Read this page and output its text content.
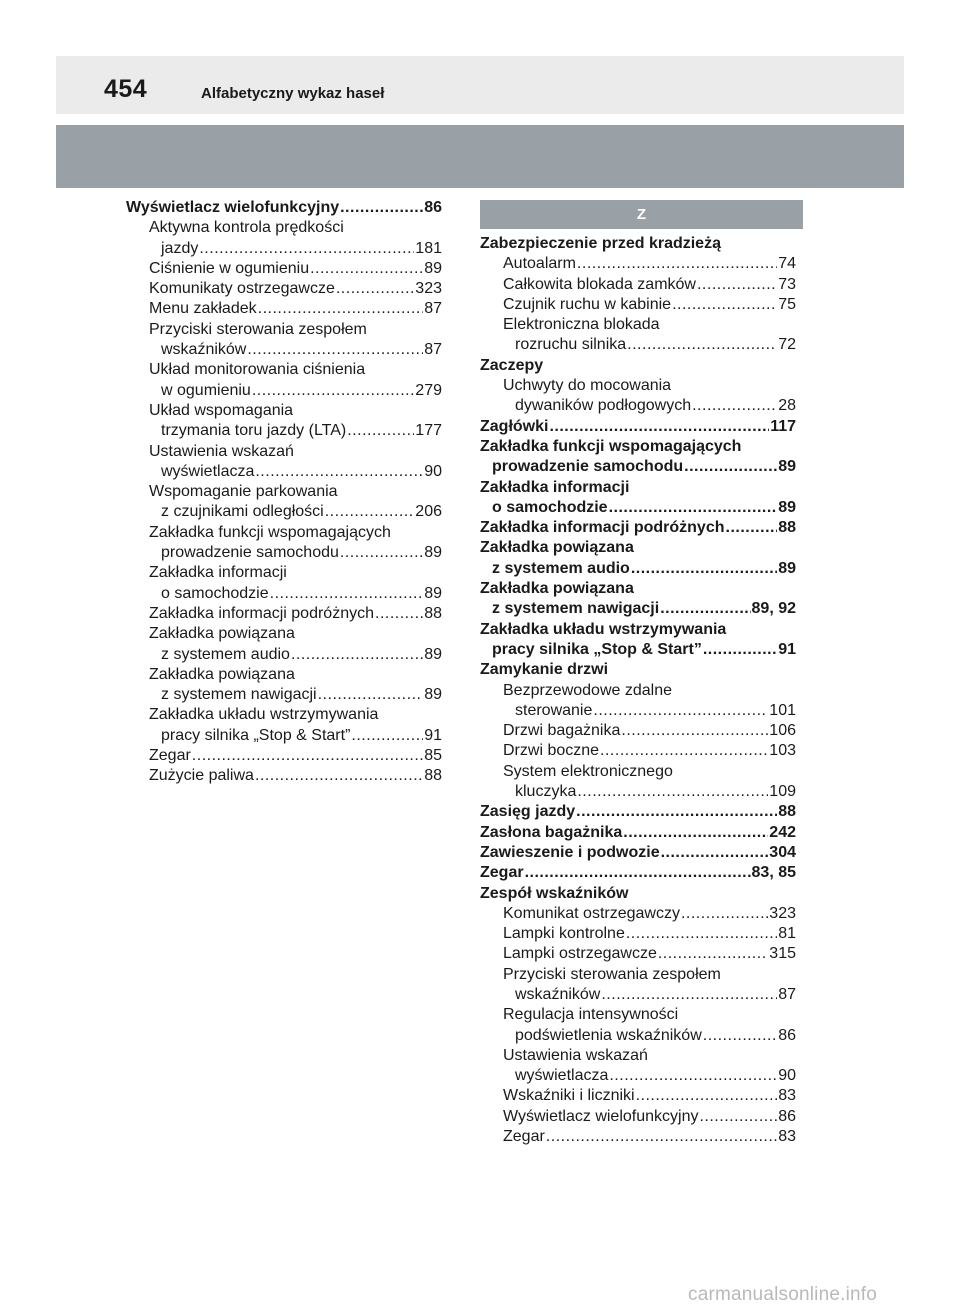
454	Alfabetyczny wykaz haseł
Wyświetlacz wielofunkcyjny .....	86
Aktywna kontrola prędkości
jazdy .....	181
Ciśnienie w ogumieniu .....	89
Komunikaty ostrzegawcze .....	323
Menu zakładek .....	87
Przyciski sterowania zespołem
wskaźników .....	87
Układ monitorowania ciśnienia
w ogumieniu .....	279
Układ wspomagania
trzymania toru jazdy (LTA) .....	177
Ustawienia wskazań
wyświetlacza .....	90
Wspomaganie parkowania
z czujnikami odległości .....	206
Zakładka funkcji wspomagających
prowadzenie samochodu .....	89
Zakładka informacji
o samochodzie .....	89
Zakładka informacji podróżnych .....	88
Zakładka powiązana
z systemem audio .....	89
Zakładka powiązana
z systemem nawigacji .....	89
Zakładka układu wstrzymywania
pracy silnika „Stop & Start” .....	91
Zegar .....	85
Zużycie paliwa .....	88
Z
Zabezpieczenie przed kradzieżą
Autoalarm .....	74
Całkowita blokada zamków .....	73
Czujnik ruchu w kabinie .....	75
Elektroniczna blokada
rozruchu silnika .....	72
Zaczepy
Uchwyty do mocowania
dywaników podłogowych .....	28
Zagłówki .....	117
Zakładka funkcji wspomagających
prowadzenie samochodu .....	89
Zakładka informacji
o samochodzie .....	89
Zakładka informacji podróżnych .....	88
Zakładka powiązana
z systemem audio .....	89
Zakładka powiązana
z systemem nawigacji .....	89, 92
Zakładka układu wstrzymywania
pracy silnika „Stop & Start” .....	91
Zamykanie drzwi
Bezprzewodowe zdalne
sterowanie .....	101
Drzwi bagażnika .....	106
Drzwi boczne .....	103
System elektronicznego
kluczyka .....	109
Zasięg jazdy .....	88
Zasłona bagażnika .....	242
Zawieszenie i podwozie .....	304
Zegar .....	83, 85
Zespół wskaźników
Komunikat ostrzegawczy .....	323
Lampki kontrolne .....	81
Lampki ostrzegawcze .....	315
Przyciski sterowania zespołem
wskaźników .....	87
Regulacja intensywności
podświetlenia wskaźników .....	86
Ustawienia wskazań
wyświetlacza .....	90
Wskaźniki i liczniki .....	83
Wyświetlacz wielofunkcyjny .....	86
Zegar .....	83
carmanualsonline.info
